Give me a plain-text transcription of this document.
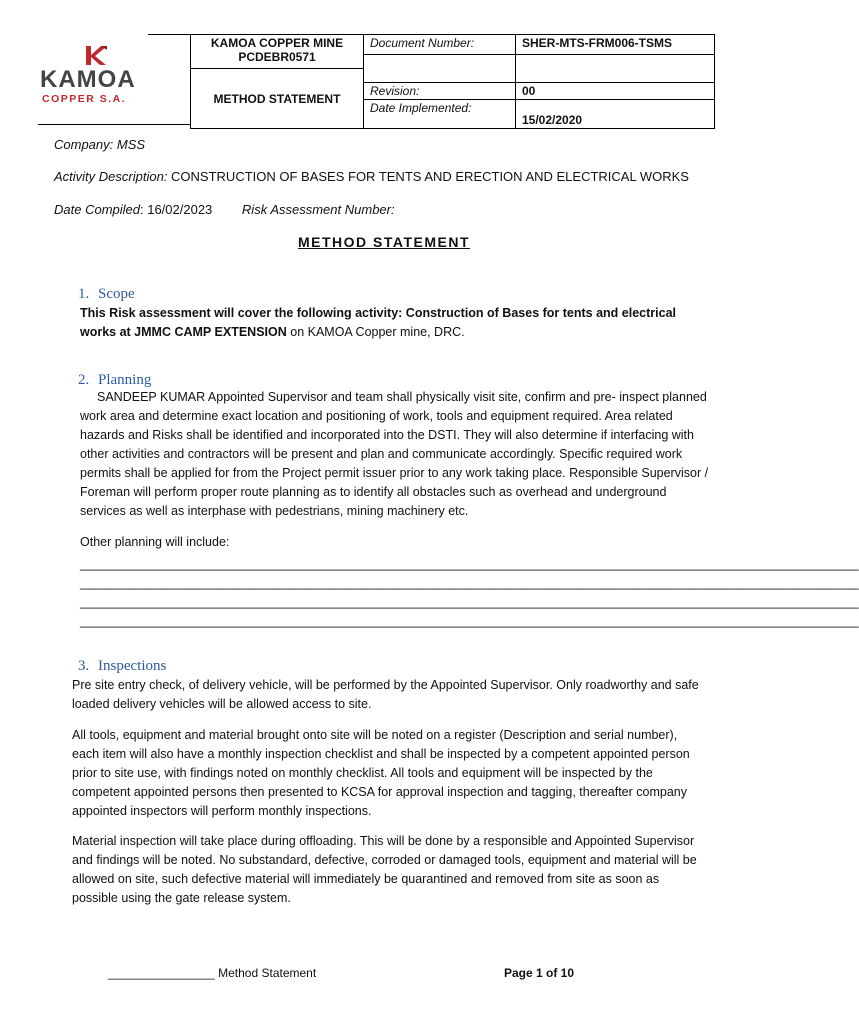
KAMOA
COPPER S.A.
KAMOA COPPER MINE
PCDEBR0571	Document Number:	SHER-MTS-FRM006-TSMS

METHOD STATEMENT		
	Revision:	00
	Date Implemented:	15/02/2020
Company: MSS
Activity Description: CONSTRUCTION OF BASES FOR TENTS AND ERECTION AND ELECTRICAL WORKS
Date Compiled: 16/02/2023 Risk Assessment Number:
METHOD STATEMENT
1. Scope

This Risk assessment will cover the following activity: Construction of Bases for tents and electrical works at JMMC CAMP EXTENSION on KAMOA Copper mine, DRC.

2. Planning

SANDEEP KUMAR Appointed Supervisor and team shall physically visit site, confirm and pre- inspect planned work area and determine exact location and positioning of work, tools and equipment required. Area related hazards and Risks shall be identified and incorporated into the DSTI. They will also determine if interfacing with other activities and contractors will be present and plan and communicate accordingly. Specific required work permits shall be applied for from the Project permit issuer prior to any work taking place. Responsible Supervisor / Foreman will perform proper route planning as to identify all obstacles such as overhead and underground services as well as interphase with pedestrians, mining machinery etc.

Other planning will include:
________________________________________________________________________________________________________________
________________________________________________________________________________________________________________
________________________________________________________________________________________________________________
________________________________________________________________________________________________________________
3. Inspections

Pre site entry check, of delivery vehicle, will be performed by the Appointed Supervisor. Only roadworthy and safe loaded delivery vehicles will be allowed access to site.

All tools, equipment and material brought onto site will be noted on a register (Description and serial number), each item will also have a monthly inspection checklist and shall be inspected by a competent appointed person prior to site use, with findings noted on monthly checklist. All tools and equipment will be inspected by the competent appointed persons then presented to KCSA for approval inspection and tagging, thereafter company appointed inspectors will perform monthly inspections.

Material inspection will take place during offloading. This will be done by a responsible and Appointed Supervisor and findings will be noted. No substandard, defective, corroded or damaged tools, equipment and material will be allowed on site, such defective material will immediately be quarantined and removed from site as soon as possible using the gate release system.

________________ Method Statement	Page 1 of 10
